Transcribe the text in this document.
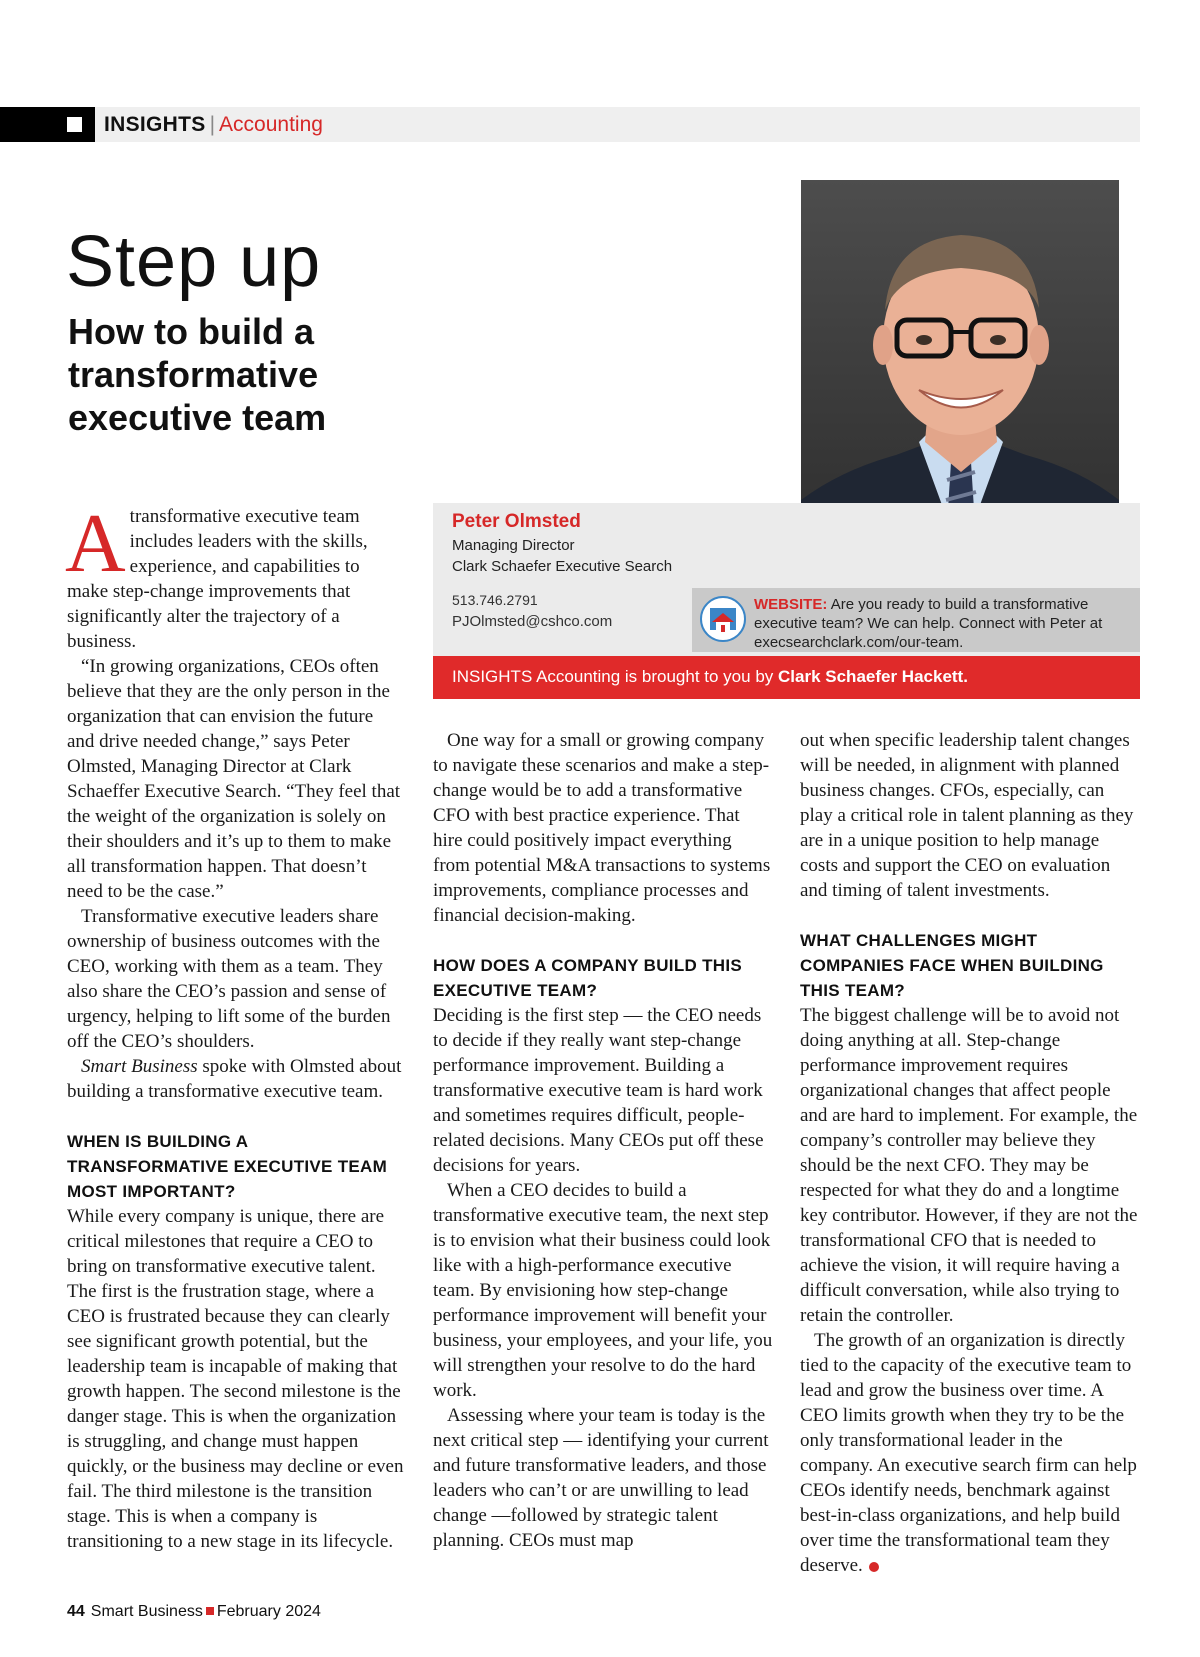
INSIGHTS | Accounting
Step up
How to build a transformative executive team
Peter Olmsted
Managing Director
Clark Schaefer Executive Search
513.746.2791
PJOlmsted@cshco.com
WEBSITE: Are you ready to build a transformative executive team? We can help. Connect with Peter at execsearchclark.com/our-team.
INSIGHTS Accounting is brought to you by Clark Schaefer Hackett.

Atransformative executive team includes leaders with the skills, experience, and capabilities to make step-change improvements that significantly alter the trajectory of a business.

“In growing organizations, CEOs often believe that they are the only person in the organization that can envision the future and drive needed change,” says Peter Olmsted, Managing Director at Clark Schaeffer Executive Search. “They feel that the weight of the organization is solely on their shoulders and it’s up to them to make all transformation happen. That doesn’t need to be the case.”

Transformative executive leaders share ownership of business outcomes with the CEO, working with them as a team. They also share the CEO’s passion and sense of urgency, helping to lift some of the burden off the CEO’s shoulders.

Smart Business spoke with Olmsted about building a transformative executive team.

WHEN IS BUILDING A TRANSFORMATIVE EXECUTIVE TEAM MOST IMPORTANT?

While every company is unique, there are critical milestones that require a CEO to bring on transformative executive talent. The first is the frustration stage, where a CEO is frustrated because they can clearly see significant growth potential, but the leadership team is incapable of making that growth happen. The second milestone is the danger stage. This is when the organization is struggling, and change must happen quickly, or the business may decline or even fail. The third milestone is the transition stage. This is when a company is transitioning to a new stage in its lifecycle.

One way for a small or growing company to navigate these scenarios and make a step-change would be to add a transformative CFO with best practice experience. That hire could positively impact everything from potential M&A transactions to systems improvements, compliance processes and financial decision-making.

HOW DOES A COMPANY BUILD THIS EXECUTIVE TEAM?

Deciding is the first step — the CEO needs to decide if they really want step-change performance improvement. Building a transformative executive team is hard work and sometimes requires difficult, people-related decisions. Many CEOs put off these decisions for years.

When a CEO decides to build a transformative executive team, the next step is to envision what their business could look like with a high-performance executive team. By envisioning how step-change performance improvement will benefit your business, your employees, and your life, you will strengthen your resolve to do the hard work.

Assessing where your team is today is the next critical step — identifying your current and future transformative leaders, and those leaders who can’t or are unwilling to lead change —followed by strategic talent planning. CEOs must map

out when specific leadership talent changes will be needed, in alignment with planned business changes. CFOs, especially, can play a critical role in talent planning as they are in a unique position to help manage costs and support the CEO on evaluation and timing of talent investments.

WHAT CHALLENGES MIGHT COMPANIES FACE WHEN BUILDING THIS TEAM?

The biggest challenge will be to avoid not doing anything at all. Step-change performance improvement requires organizational changes that affect people and are hard to implement. For example, the company’s controller may believe they should be the next CFO. They may be respected for what they do and a longtime key contributor. However, if they are not the transformational CFO that is needed to achieve the vision, it will require having a difficult conversation, while also trying to retain the controller.

The growth of an organization is directly tied to the capacity of the executive team to lead and grow the business over time. A CEO limits growth when they try to be the only transformational leader in the company. An executive search firm can help CEOs identify needs, benchmark against best-in-class organizations, and help build over time the transformational team they deserve.

44 Smart Business February 2024
